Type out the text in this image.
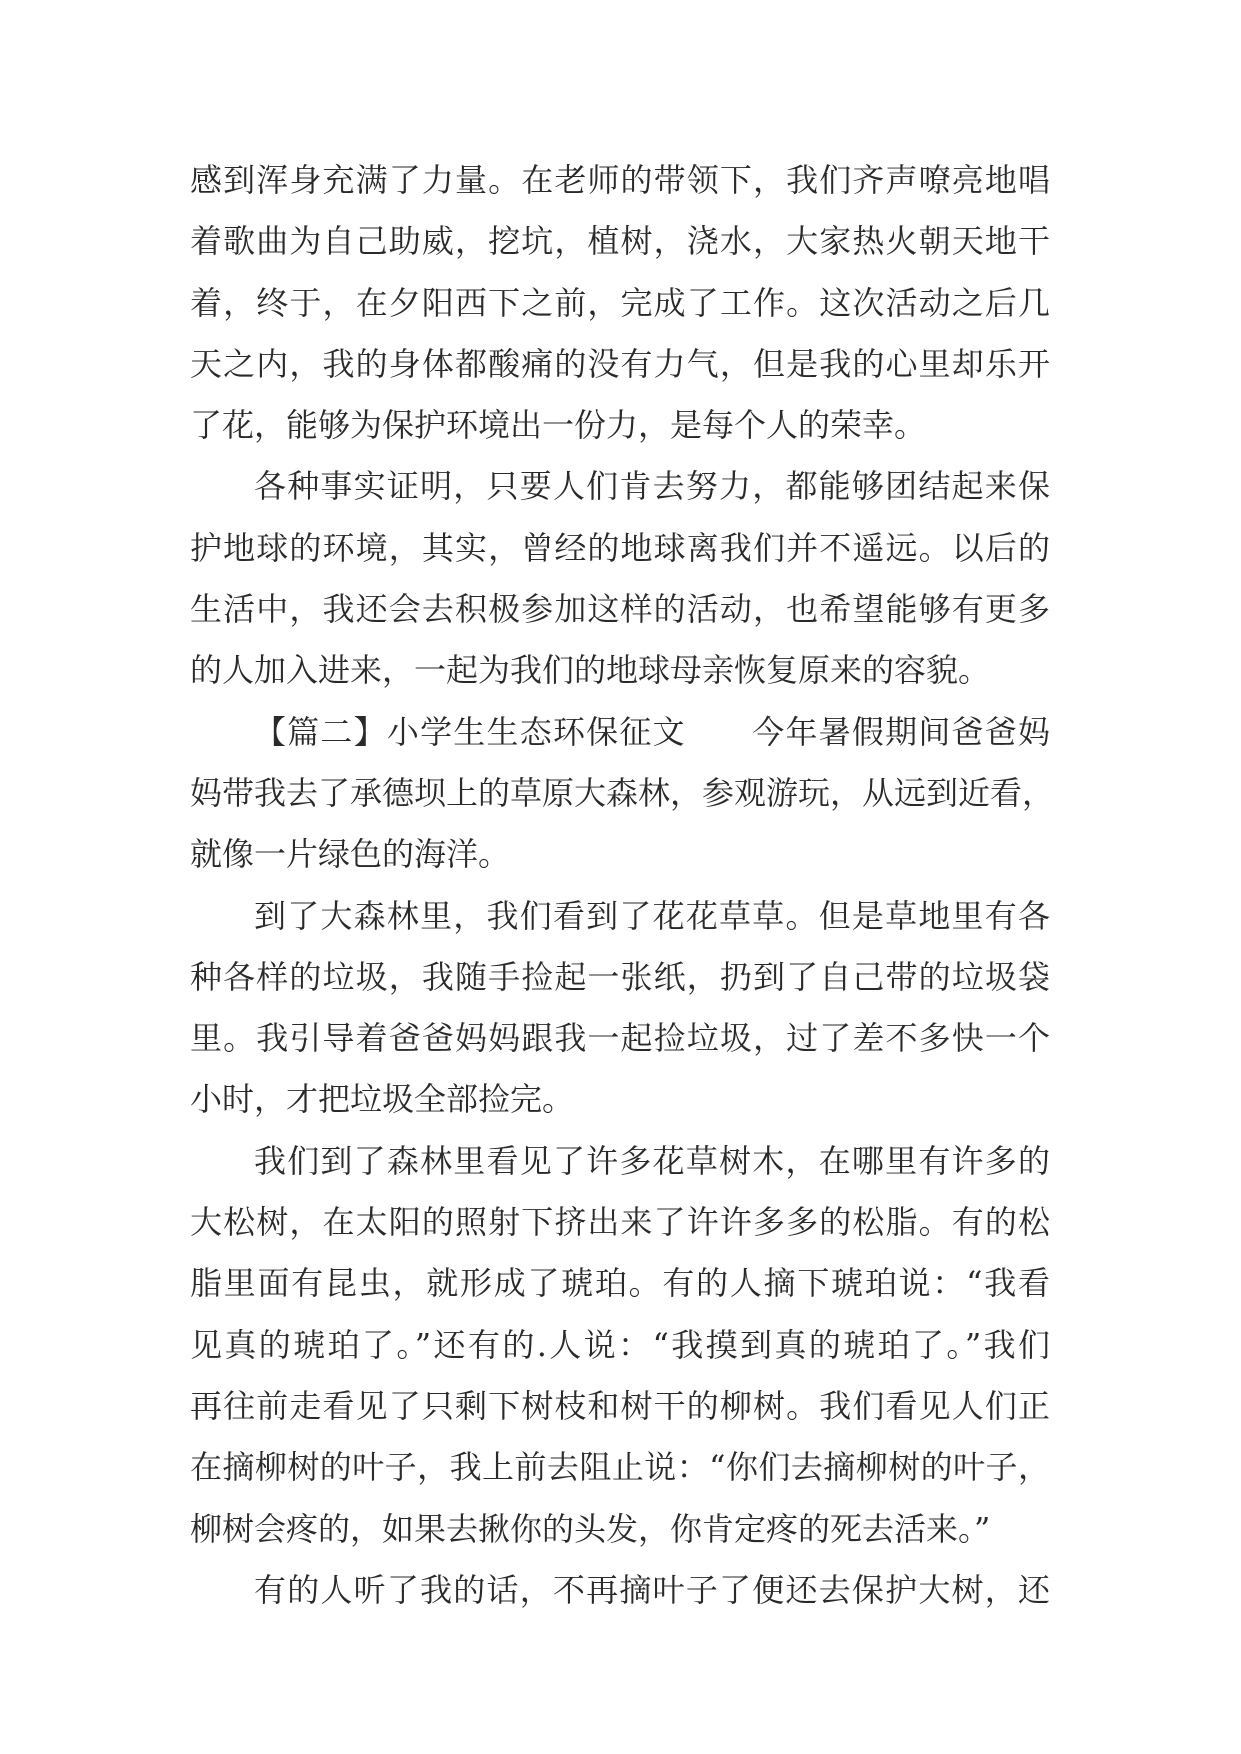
感到浑身充满了力量。在老师的带领下，我们齐声嘹亮地唱
着歌曲为自己助威，挖坑，植树，浇水，大家热火朝天地干
着，终于，在夕阳西下之前，完成了工作。这次活动之后几
天之内，我的身体都酸痛的没有力气，但是我的心里却乐开
了花，能够为保护环境出一份力，是每个人的荣幸。
各种事实证明，只要人们肯去努力，都能够团结起来保
护地球的环境，其实，曾经的地球离我们并不遥远。以后的
生活中，我还会去积极参加这样的活动，也希望能够有更多
的人加入进来，一起为我们的地球母亲恢复原来的容貌。
【篇二】小学生生态环保征文　　今年暑假期间爸爸妈
妈带我去了承德坝上的草原大森林，参观游玩，从远到近看，
就像一片绿色的海洋。
到了大森林里，我们看到了花花草草。但是草地里有各
种各样的垃圾，我随手捡起一张纸，扔到了自己带的垃圾袋
里。我引导着爸爸妈妈跟我一起捡垃圾，过了差不多快一个
小时，才把垃圾全部捡完。
我们到了森林里看见了许多花草树木，在哪里有许多的
大松树，在太阳的照射下挤出来了许许多多的松脂。有的松
脂里面有昆虫，就形成了琥珀。有的人摘下琥珀说：“我看
见真的琥珀了。”还有的.人说：“我摸到真的琥珀了。”我们
再往前走看见了只剩下树枝和树干的柳树。我们看见人们正
在摘柳树的叶子，我上前去阻止说：“你们去摘柳树的叶子，
柳树会疼的，如果去揪你的头发，你肯定疼的死去活来。”
有的人听了我的话，不再摘叶子了便还去保护大树，还
